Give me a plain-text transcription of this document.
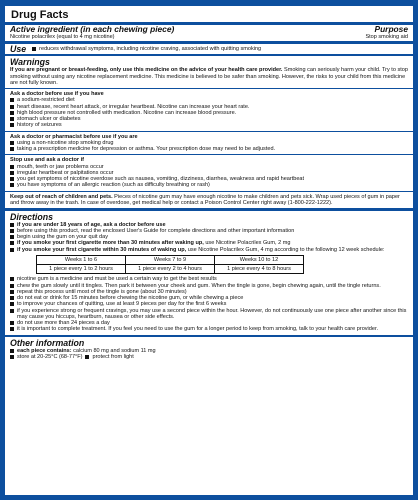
Drug Facts
Active ingredient (in each chewing piece)	Purpose
Nicotine polacrilex (equal to 4 mg nicotine)	Stop smoking aid
Use reduces withdrawal symptoms, including nicotine craving, associated with quitting smoking
Warnings

If you are pregnant or breast-feeding, only use this medicine on the advice of your health care provider. Smoking can seriously harm your child. Try to stop smoking without using any nicotine replacement medicine. This medicine is believed to be safer than smoking. However, the risks to your child from this medicine are not fully known.

Ask a doctor before use if you have

a sodium-restricted diet
heart disease, recent heart attack, or irregular heartbeat. Nicotine can increase your heart rate.
high blood pressure not controlled with medication. Nicotine can increase blood pressure.
stomach ulcer or diabetes
history of seizures

Ask a doctor or pharmacist before use if you are

using a non-nicotine stop smoking drug
taking a prescription medicine for depression or asthma. Your prescription dose may need to be adjusted.

Stop use and ask a doctor if

mouth, teeth or jaw problems occur
irregular heartbeat or palpitations occur
you get symptoms of nicotine overdose such as nausea, vomiting, dizziness, diarrhea, weakness and rapid heartbeat
you have symptoms of an allergic reaction (such as difficulty breathing or rash)

Keep out of reach of children and pets. Pieces of nicotine gum may have enough nicotine to make children and pets sick. Wrap used pieces of gum in paper and throw away in the trash. In case of overdose, get medical help or contact a Poison Control Center right away (1-800-222-1222).

Directions
if you are under 18 years of age, ask a doctor before use
before using this product, read the enclosed User's Guide for complete directions and other important information
begin using the gum on your quit day
if you smoke your first cigarette more than 30 minutes after waking up, use Nicotine Polacrilex Gum, 2 mg
if you smoke your first cigarette within 30 minutes of waking up, use Nicotine Polacrilex Gum, 4 mg according to the following 12 week schedule:
Weeks 1 to 6	Weeks 7 to 9	Weeks 10 to 12
1 piece every 1 to 2 hours	1 piece every 2 to 4 hours	1 piece every 4 to 8 hours
nicotine gum is a medicine and must be used a certain way to get the best results
chew the gum slowly until it tingles. Then park it between your cheek and gum. When the tingle is gone, begin chewing again, until the tingle returns.
repeat this process until most of the tingle is gone (about 30 minutes)
do not eat or drink for 15 minutes before chewing the nicotine gum, or while chewing a piece
to improve your chances of quitting, use at least 9 pieces per day for the first 6 weeks
if you experience strong or frequent cravings, you may use a second piece within the hour. However, do not continuously use one piece after another since this may cause you hiccups, heartburn, nausea or other side effects.
do not use more than 24 pieces a day
it is important to complete treatment. If you feel you need to use the gum for a longer period to keep from smoking, talk to your health care provider.
Other information
each piece contains: calcium 80 mg and sodium 11 mg
store at 20-25°C (68-77°F) protect from light
